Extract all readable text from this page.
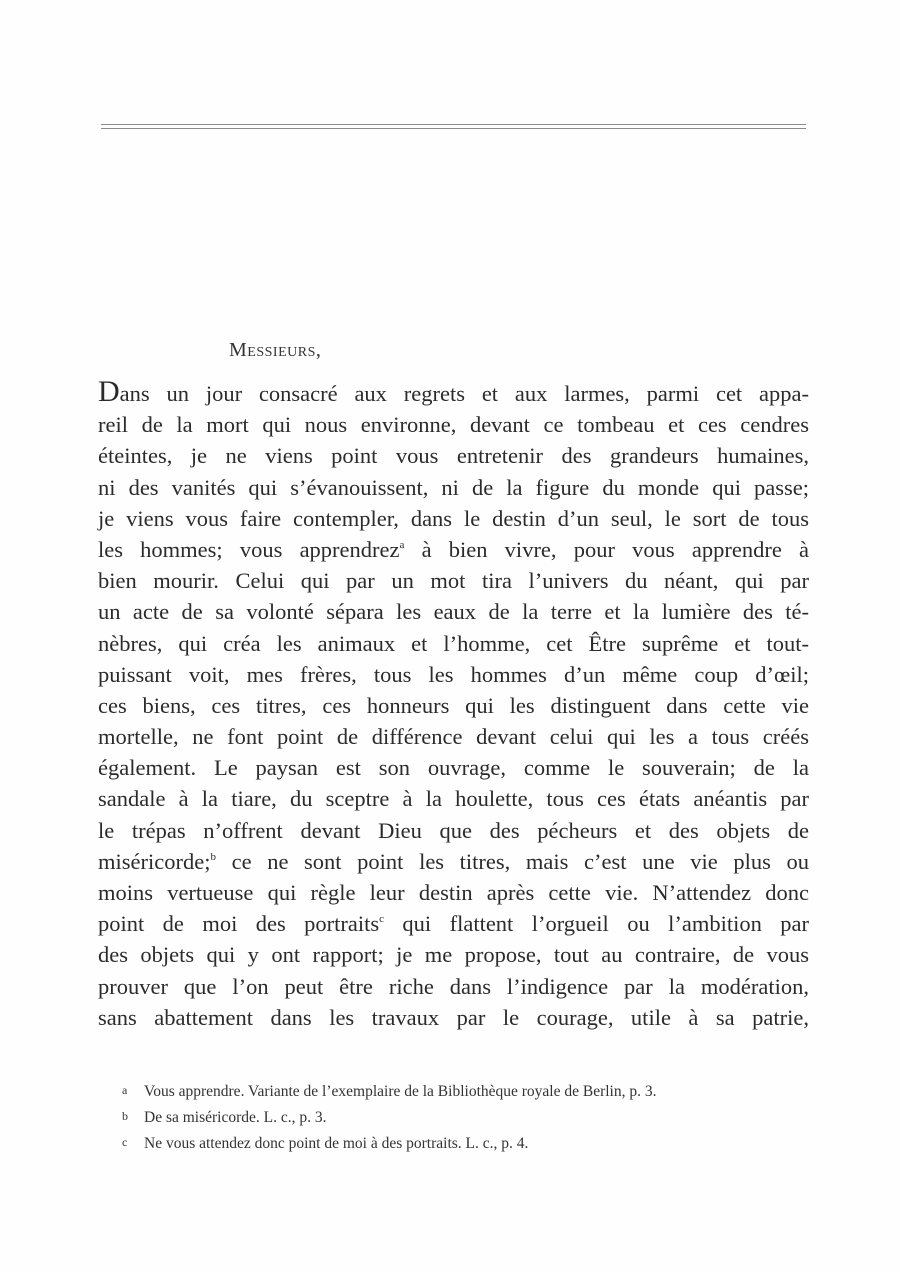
Messieurs,
Dans un jour consacré aux regrets et aux larmes, parmi cet appa-
reil de la mort qui nous environne, devant ce tombeau et ces cendres
éteintes, je ne viens point vous entretenir des grandeurs humaines,
ni des vanités qui s’évanouissent, ni de la figure du monde qui passe;
je viens vous faire contempler, dans le destin d’un seul, le sort de tous
les hommes; vous apprendrez$^a$ à bien vivre, pour vous apprendre à
bien mourir. Celui qui par un mot tira l’univers du néant, qui par
un acte de sa volonté sépara les eaux de la terre et la lumière des té-
nèbres, qui créa les animaux et l’homme, cet Être suprême et tout-
puissant voit, mes frères, tous les hommes d’un même coup d’œil;
ces biens, ces titres, ces honneurs qui les distinguent dans cette vie
mortelle, ne font point de différence devant celui qui les a tous créés
également. Le paysan est son ouvrage, comme le souverain; de la
sandale à la tiare, du sceptre à la houlette, tous ces états anéantis par
le trépas n’offrent devant Dieu que des pécheurs et des objets de
miséricorde;$^b$ ce ne sont point les titres, mais c’est une vie plus ou
moins vertueuse qui règle leur destin après cette vie. N’attendez donc
point de moi des portraits$^c$ qui flattent l’orgueil ou l’ambition par
des objets qui y ont rapport; je me propose, tout au contraire, de vous
prouver que l’on peut être riche dans l’indigence par la modération,
sans abattement dans les travaux par le courage, utile à sa patrie,
a Vous apprendre. Variante de l’exemplaire de la Bibliothèque royale de Berlin, p. 3.
b De sa miséricorde. L. c., p. 3.
c Ne vous attendez donc point de moi à des portraits. L. c., p. 4.
